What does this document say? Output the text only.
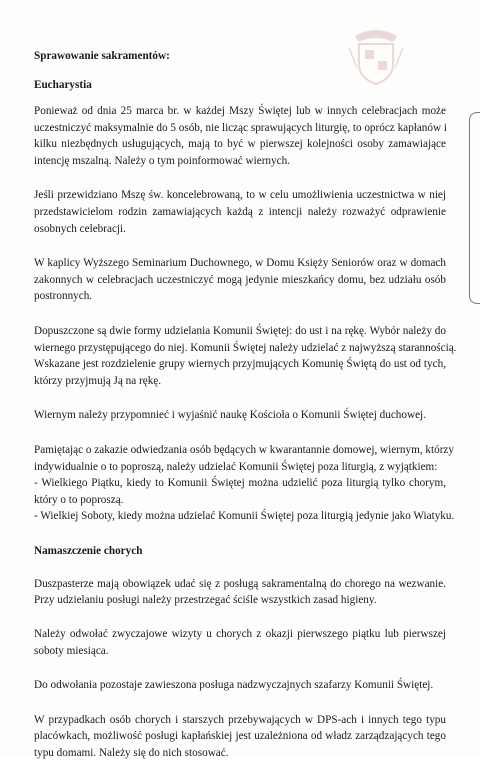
Sprawowanie sakramentów:

Eucharystia

Ponieważ od dnia 25 marca br. w każdej Mszy Świętej lub w innych celebracjach może
uczestniczyć maksymalnie do 5 osób, nie licząc sprawujących liturgię, to oprócz kapłanów i
kilku niezbędnych usługujących, mają to być w pierwszej kolejności osoby zamawiające
intencję mszalną. Należy o tym poinformować wiernych.

Jeśli przewidziano Mszę św. koncelebrowaną, to w celu umożliwienia uczestnictwa w niej
przedstawicielom rodzin zamawiających każdą z intencji należy rozważyć odprawienie
osobnych celebracji.

W kaplicy Wyższego Seminarium Duchownego, w Domu Księży Seniorów oraz w domach
zakonnych w celebracjach uczestniczyć mogą jedynie mieszkańcy domu, bez udziału osób
postronnych.

Dopuszczone są dwie formy udzielania Komunii Świętej: do ust i na rękę. Wybór należy do
wiernego przystępującego do niej. Komunii Świętej należy udzielać z najwyższą starannością.
Wskazane jest rozdzielenie grupy wiernych przyjmujących Komunię Świętą do ust od tych,
którzy przyjmują Ją na rękę.

Wiernym należy przypomnieć i wyjaśnić naukę Kościoła o Komunii Świętej duchowej.

Pamiętając o zakazie odwiedzania osób będących w kwarantannie domowej, wiernym, którzy
indywidualnie o to poproszą, należy udzielać Komunii Świętej poza liturgią, z wyjątkiem:
- Wielkiego Piątku, kiedy to Komunii Świętej można udzielić poza liturgią tylko chorym,
który o to poproszą.
- Wielkiej Soboty, kiedy można udzielać Komunii Świętej poza liturgią jedynie jako Wiatyku.

Namaszczenie chorych

Duszpasterze mają obowiązek udać się z posługą sakramentalną do chorego na wezwanie.
Przy udzielaniu posługi należy przestrzegać ściśle wszystkich zasad higieny.

Należy odwołać zwyczajowe wizyty u chorych z okazji pierwszego piątku lub pierwszej
soboty miesiąca.

Do odwołania pozostaje zawieszona posługa nadzwyczajnych szafarzy Komunii Świętej.

W przypadkach osób chorych i starszych przebywających w DPS-ach i innych tego typu
placówkach, możliwość posługi kapłańskiej jest uzależniona od władz zarządzających tego
typu domami. Należy się do nich stosować.
